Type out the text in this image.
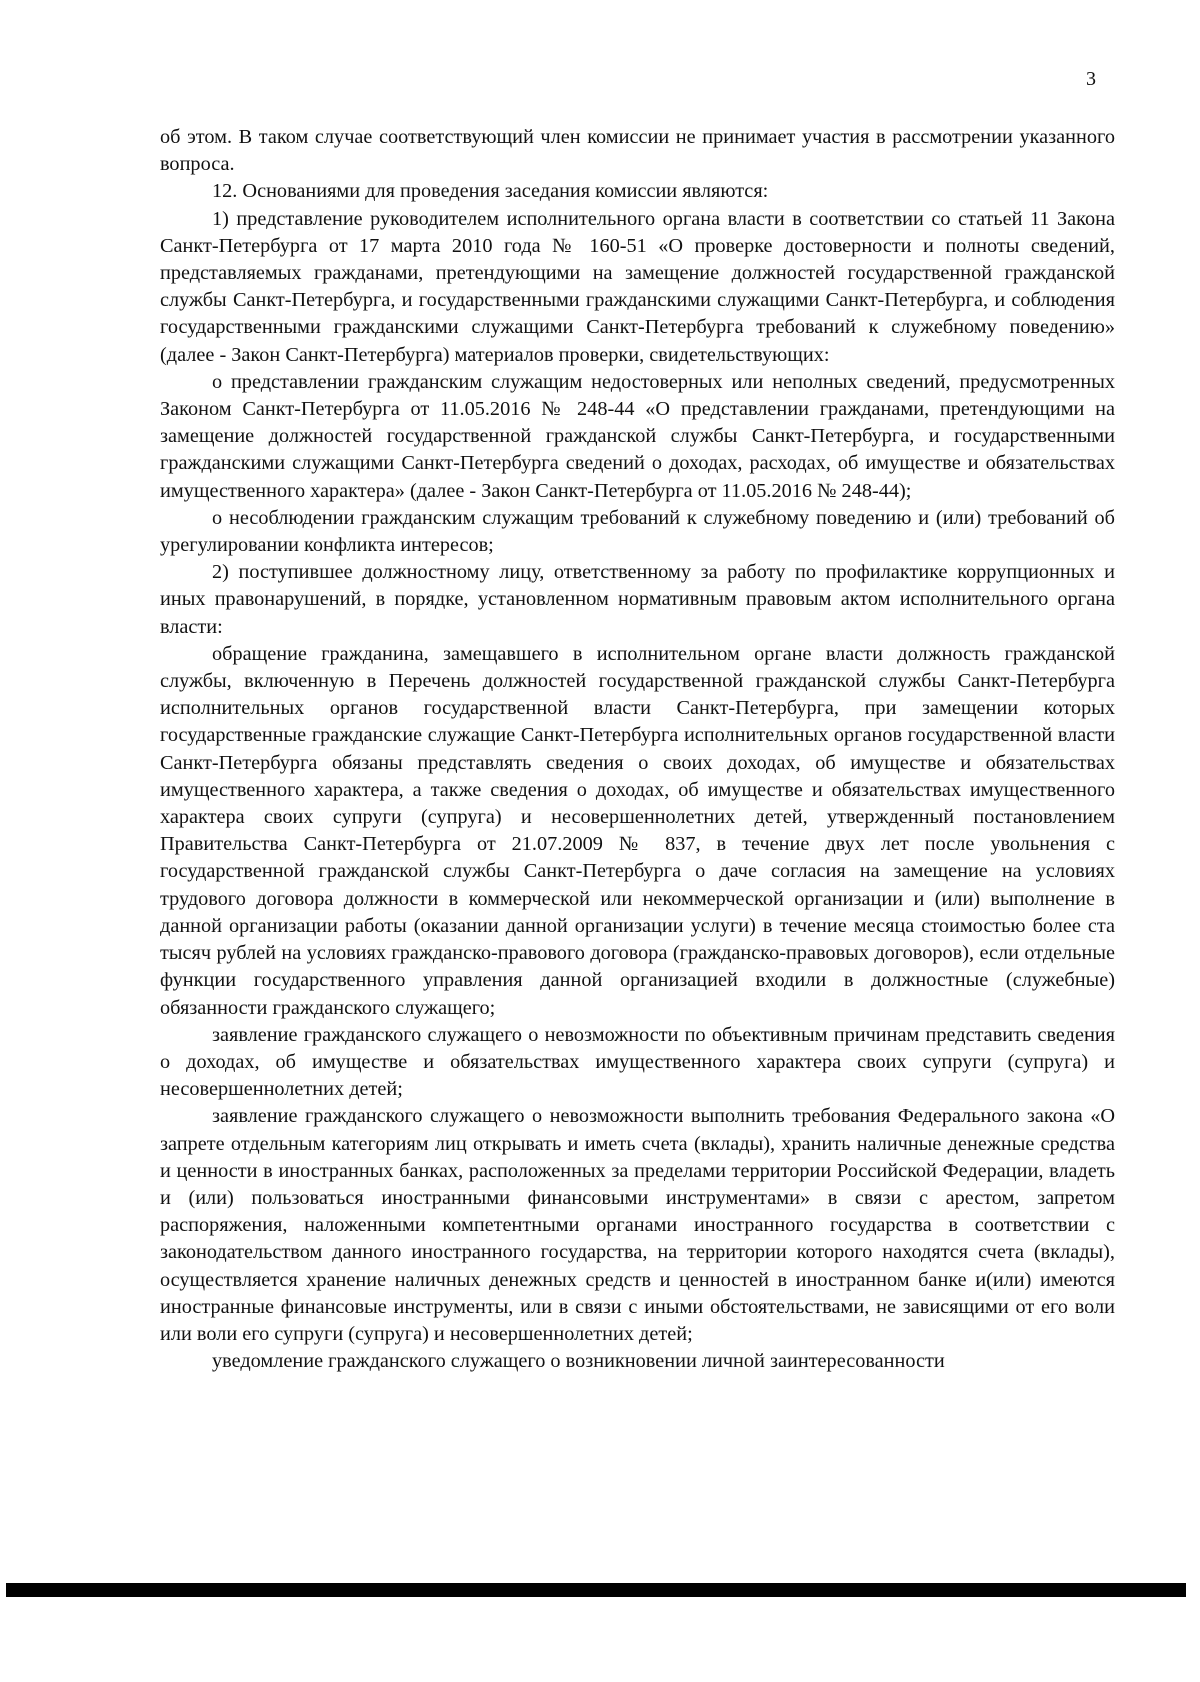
3

об этом. В таком случае соответствующий член комиссии не принимает участия в рассмотрении указанного вопроса.

12. Основаниями для проведения заседания комиссии являются:

1) представление руководителем исполнительного органа власти в соответствии со статьей 11 Закона Санкт-Петербурга от 17 марта 2010 года № 160-51 «О проверке достоверности и полноты сведений, представляемых гражданами, претендующими на замещение должностей государственной гражданской службы Санкт-Петербурга, и государственными гражданскими служащими Санкт-Петербурга, и соблюдения государственными гражданскими служащими Санкт-Петербурга требований к служебному поведению» (далее - Закон Санкт-Петербурга) материалов проверки, свидетельствующих:

о представлении гражданским служащим недостоверных или неполных сведений, предусмотренных Законом Санкт-Петербурга от 11.05.2016 № 248-44 «О представлении гражданами, претендующими на замещение должностей государственной гражданской службы Санкт-Петербурга, и государственными гражданскими служащими Санкт-Петербурга сведений о доходах, расходах, об имуществе и обязательствах имущественного характера» (далее - Закон Санкт-Петербурга от 11.05.2016 № 248-44);

о несоблюдении гражданским служащим требований к служебному поведению и (или) требований об урегулировании конфликта интересов;

2) поступившее должностному лицу, ответственному за работу по профилактике коррупционных и иных правонарушений, в порядке, установленном нормативным правовым актом исполнительного органа власти:

обращение гражданина, замещавшего в исполнительном органе власти должность гражданской службы, включенную в Перечень должностей государственной гражданской службы Санкт-Петербурга исполнительных органов государственной власти Санкт-Петербурга, при замещении которых государственные гражданские служащие Санкт-Петербурга исполнительных органов государственной власти Санкт-Петербурга обязаны представлять сведения о своих доходах, об имуществе и обязательствах имущественного характера, а также сведения о доходах, об имуществе и обязательствах имущественного характера своих супруги (супруга) и несовершеннолетних детей, утвержденный постановлением Правительства Санкт-Петербурга от 21.07.2009 № 837, в течение двух лет после увольнения с государственной гражданской службы Санкт-Петербурга о даче согласия на замещение на условиях трудового договора должности в коммерческой или некоммерческой организации и (или) выполнение в данной организации работы (оказании данной организации услуги) в течение месяца стоимостью более ста тысяч рублей на условиях гражданско-правового договора (гражданско-правовых договоров), если отдельные функции государственного управления данной организацией входили в должностные (служебные) обязанности гражданского служащего;

заявление гражданского служащего о невозможности по объективным причинам представить сведения о доходах, об имуществе и обязательствах имущественного характера своих супруги (супруга) и несовершеннолетних детей;

заявление гражданского служащего о невозможности выполнить требования Федерального закона «О запрете отдельным категориям лиц открывать и иметь счета (вклады), хранить наличные денежные средства и ценности в иностранных банках, расположенных за пределами территории Российской Федерации, владеть и (или) пользоваться иностранными финансовыми инструментами» в связи с арестом, запретом распоряжения, наложенными компетентными органами иностранного государства в соответствии с законодательством данного иностранного государства, на территории которого находятся счета (вклады), осуществляется хранение наличных денежных средств и ценностей в иностранном банке и(или) имеются иностранные финансовые инструменты, или в связи с иными обстоятельствами, не зависящими от его воли или воли его супруги (супруга) и несовершеннолетних детей;

уведомление гражданского служащего о возникновении личной заинтересованности
